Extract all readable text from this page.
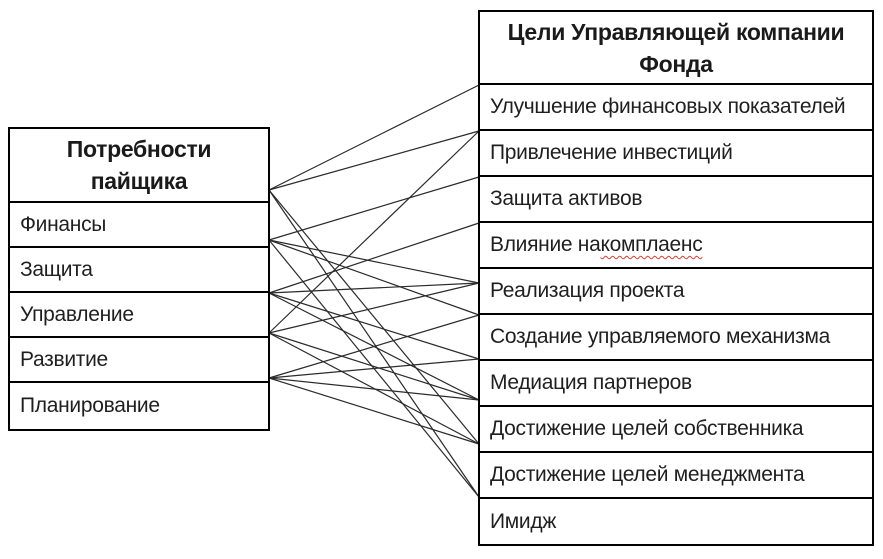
Потребности
пайщика
Финансы
Защита
Управление
Развитие
Планирование
Цели Управляющей компании
Фонда
Улучшение финансовых показателей
Привлечение инвестиций
Защита активов
Влияние на комплаенс
Реализация проекта
Создание управляемого механизма
Медиация партнеров
Достижение целей собственника
Достижение целей менеджмента
Имидж
